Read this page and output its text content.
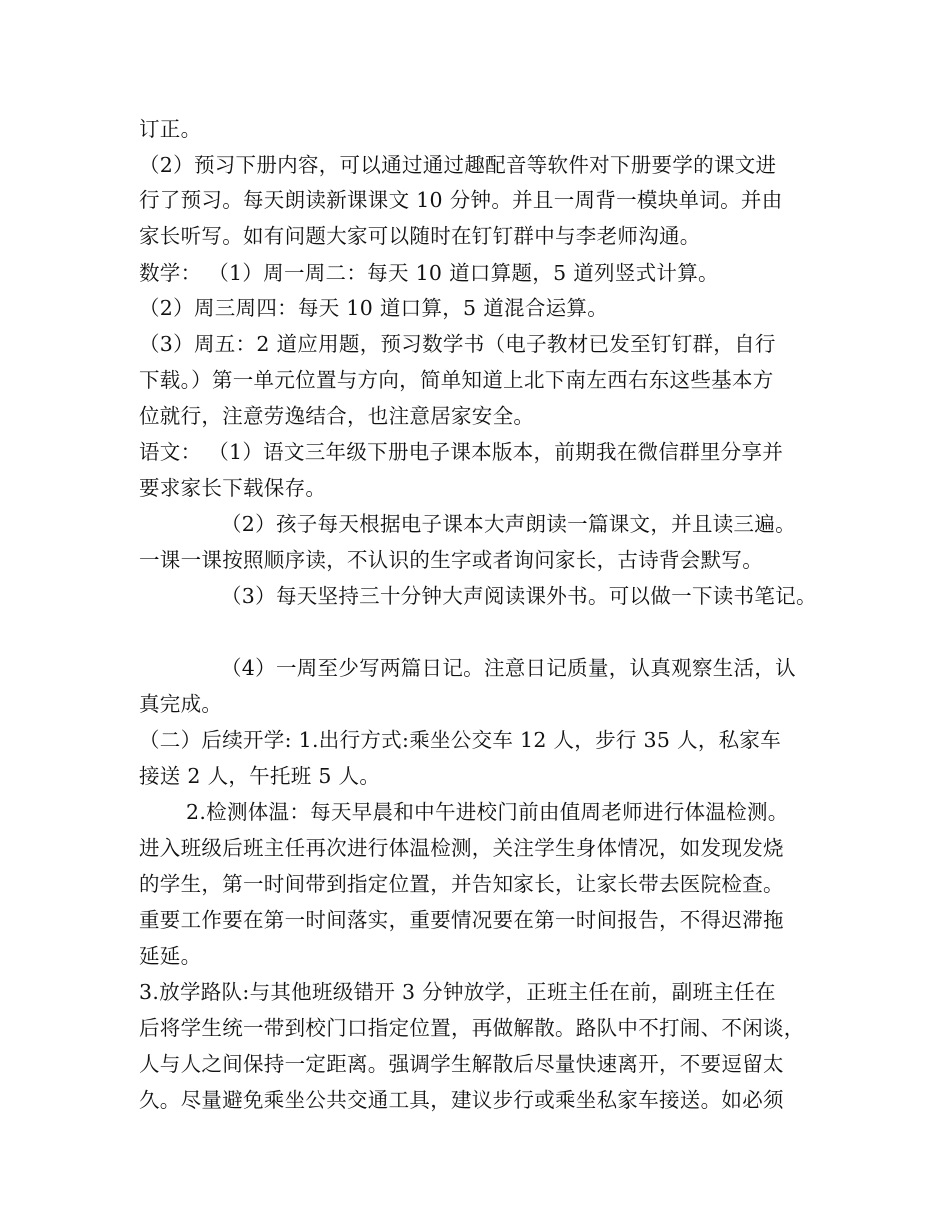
订正。
（2）预习下册内容，可以通过通过趣配音等软件对下册要学的课文进
行了预习。每天朗读新课课文 10 分钟。并且一周背一模块单词。并由
家长听写。如有问题大家可以随时在钉钉群中与李老师沟通。
数学： （1）周一周二：每天 10 道口算题，5 道列竖式计算。
（2）周三周四：每天 10 道口算，5 道混合运算。
（3）周五：2 道应用题，预习数学书（电子教材已发至钉钉群，自行
下载。）第一单元位置与方向，简单知道上北下南左西右东这些基本方
位就行，注意劳逸结合，也注意居家安全。
语文： （1）语文三年级下册电子课本版本，前期我在微信群里分享并
要求家长下载保存。
（2）孩子每天根据电子课本大声朗读一篇课文，并且读三遍。
一课一课按照顺序读，不认识的生字或者询问家长，古诗背会默写。
（3）每天坚持三十分钟大声阅读课外书。可以做一下读书笔记。
（4）一周至少写两篇日记。注意日记质量，认真观察生活，认
真完成。
（二）后续开学: 1.出行方式:乘坐公交车 12 人，步行 35 人，私家车
接送 2 人，午托班 5 人。
2.检测体温：每天早晨和中午进校门前由值周老师进行体温检测。
进入班级后班主任再次进行体温检测，关注学生身体情况，如发现发烧
的学生，第一时间带到指定位置，并告知家长，让家长带去医院检查。
重要工作要在第一时间落实，重要情况要在第一时间报告，不得迟滞拖
延延。
3.放学路队:与其他班级错开 3 分钟放学，正班主任在前，副班主任在
后将学生统一带到校门口指定位置，再做解散。路队中不打闹、不闲谈，
人与人之间保持一定距离。强调学生解散后尽量快速离开，不要逗留太
久。尽量避免乘坐公共交通工具，建议步行或乘坐私家车接送。如必须
